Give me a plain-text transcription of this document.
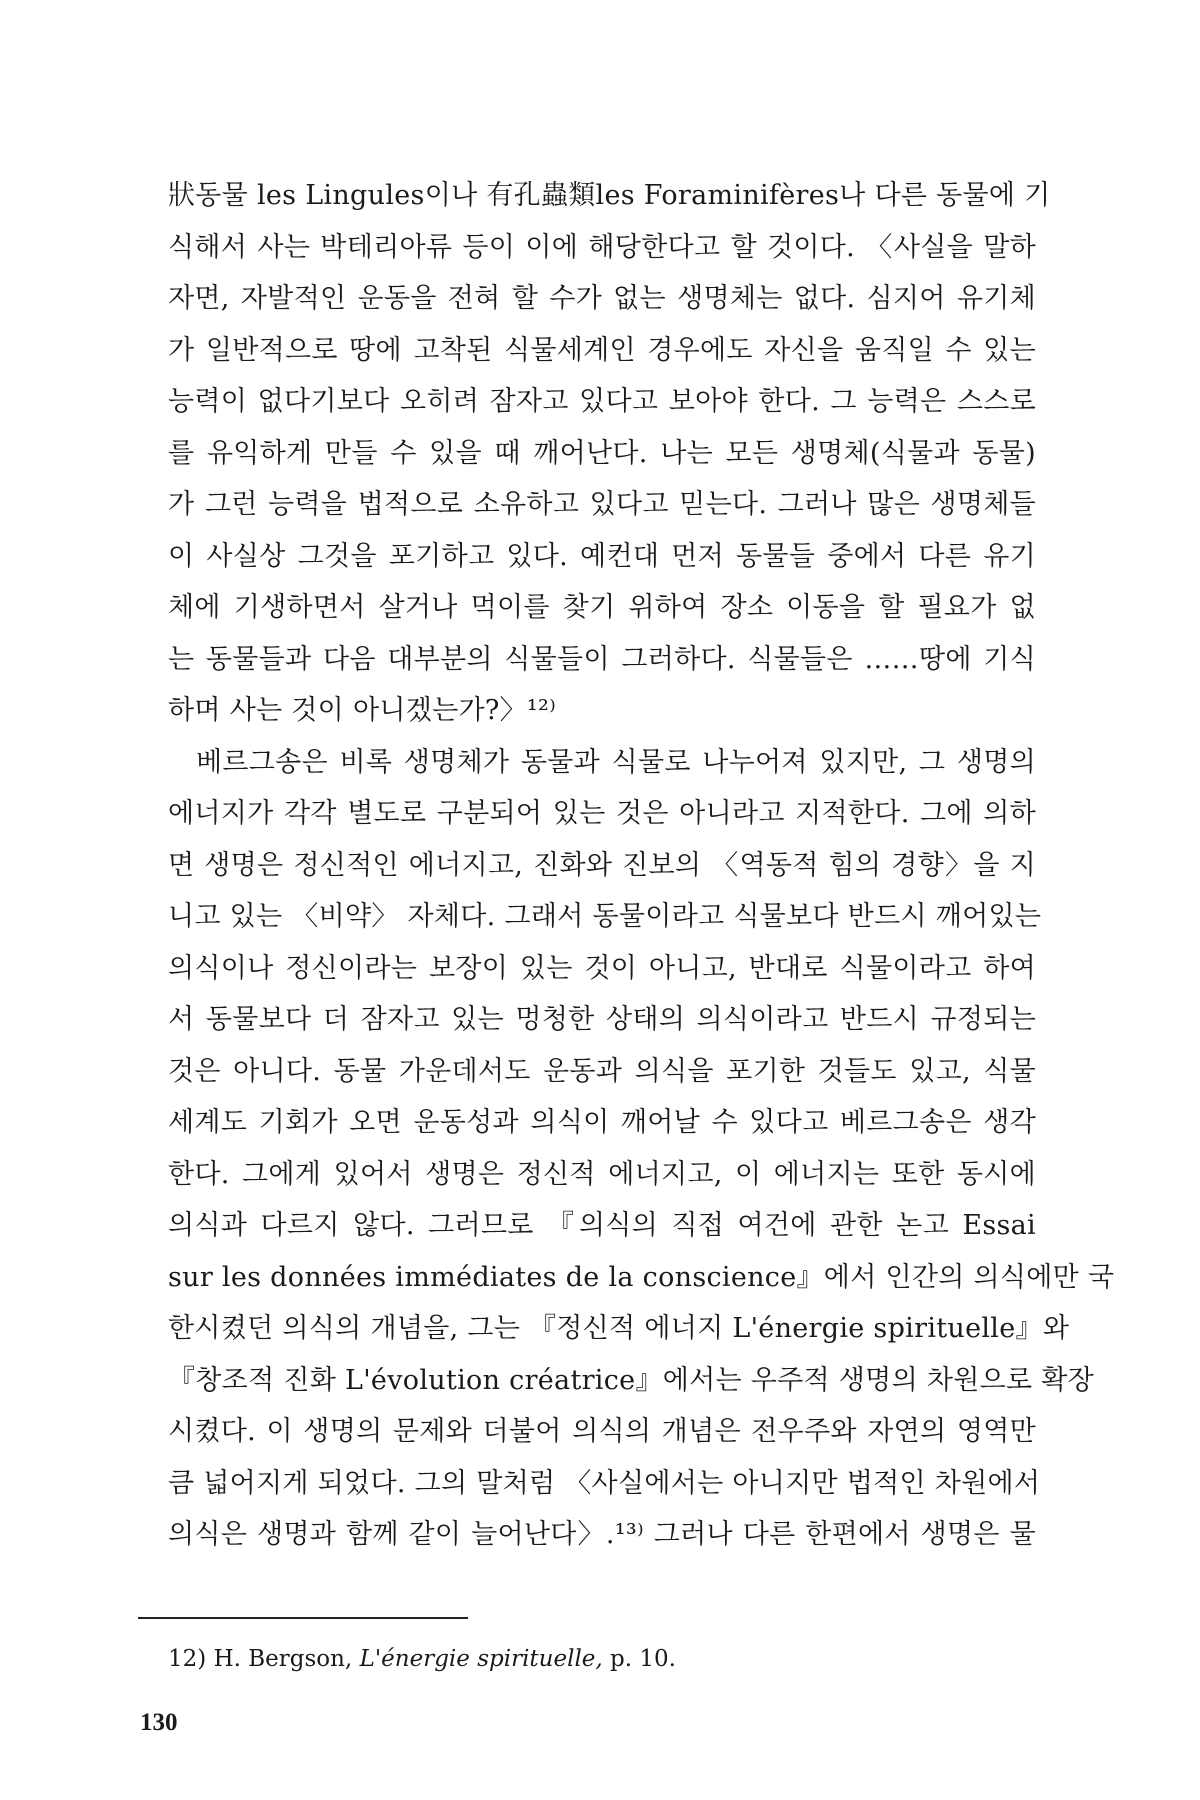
狀동물 les Lingules이나 有孔蟲類les Foraminifères나 다른 동물에 기
식해서 사는 박테리아류 등이 이에 해당한다고 할 것이다. 〈사실을 말하
자면, 자발적인 운동을 전혀 할 수가 없는 생명체는 없다. 심지어 유기체
가 일반적으로 땅에 고착된 식물세계인 경우에도 자신을 움직일 수 있는
능력이 없다기보다 오히려 잠자고 있다고 보아야 한다. 그 능력은 스스로
를 유익하게 만들 수 있을 때 깨어난다. 나는 모든 생명체(식물과 동물)
가 그런 능력을 법적으로 소유하고 있다고 믿는다. 그러나 많은 생명체들
이 사실상 그것을 포기하고 있다. 예컨대 먼저 동물들 중에서 다른 유기
체에 기생하면서 살거나 먹이를 찾기 위하여 장소 이동을 할 필요가 없
는 동물들과 다음 대부분의 식물들이 그러하다. 식물들은 ……땅에 기식
하며 사는 것이 아니겠는가?〉¹²⁾
베르그송은 비록 생명체가 동물과 식물로 나누어져 있지만, 그 생명의
에너지가 각각 별도로 구분되어 있는 것은 아니라고 지적한다. 그에 의하
면 생명은 정신적인 에너지고, 진화와 진보의 〈역동적 힘의 경향〉을 지
니고 있는 〈비약〉 자체다. 그래서 동물이라고 식물보다 반드시 깨어있는
의식이나 정신이라는 보장이 있는 것이 아니고, 반대로 식물이라고 하여
서 동물보다 더 잠자고 있는 멍청한 상태의 의식이라고 반드시 규정되는
것은 아니다. 동물 가운데서도 운동과 의식을 포기한 것들도 있고, 식물
세계도 기회가 오면 운동성과 의식이 깨어날 수 있다고 베르그송은 생각
한다. 그에게 있어서 생명은 정신적 에너지고, 이 에너지는 또한 동시에
의식과 다르지 않다. 그러므로 『의식의 직접 여건에 관한 논고 Essai
sur les données immédiates de la conscience』에서 인간의 의식에만 국
한시켰던 의식의 개념을, 그는 『정신적 에너지 L'énergie spirituelle』와
『창조적 진화 L'évolution créatrice』에서는 우주적 생명의 차원으로 확장
시켰다. 이 생명의 문제와 더불어 의식의 개념은 전우주와 자연의 영역만
큼 넓어지게 되었다. 그의 말처럼 〈사실에서는 아니지만 법적인 차원에서
의식은 생명과 함께 같이 늘어난다〉.¹³⁾ 그러나 다른 한편에서 생명은 물
12) H. Bergson, L'énergie spirituelle, p. 10.
130
